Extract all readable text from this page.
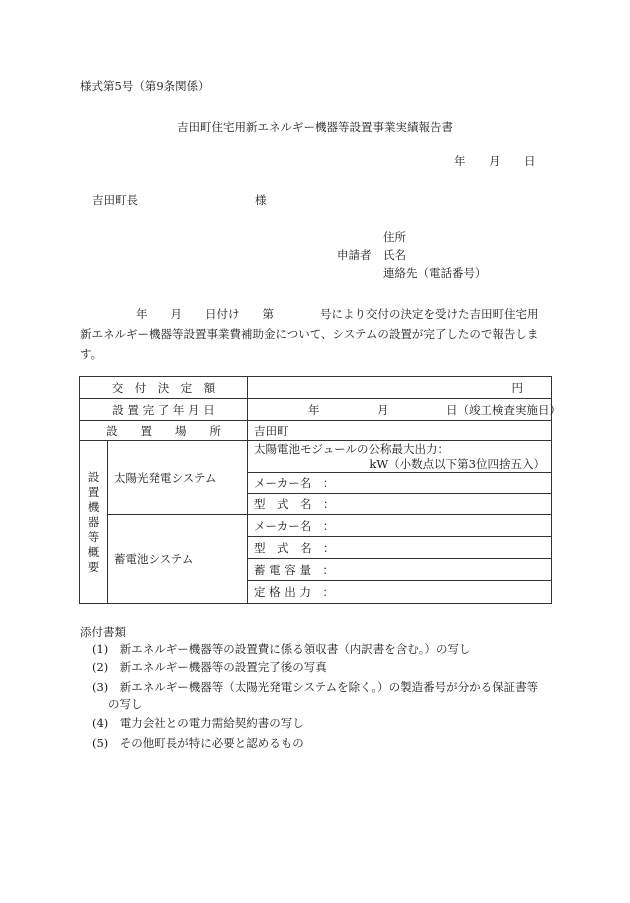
様式第5号（第9条関係）
吉田町住宅用新エネルギー機器等設置事業実績報告書
年 月 日
吉田町長	様
住所
申請者 氏名
連絡先（電話番号）
年　　月　　日付け　　第　　　　号により交付の決定を受けた吉田町住宅用
新エネルギー機器等設置事業費補助金について、システムの設置が完了したので報告しま
す。
交　付　決　定　額		円
設 置 完 了 年 月 日		年　　　　　月　　　　　日（竣工検査実施日）
設　　置　　場　　所		吉田町
設置機器等概要	太陽光発電システム	太陽電池モジュールの公称最大出力：
kW（小数点以下第3位四捨五入）

		メーカー名　：
		型　式　名　：
	蓄電池システム	メーカー名　：
		型　式　名　：
		蓄 電 容 量　：
		定 格 出 力　：
添付書類
(1)　新エネルギー機器等の設置費に係る領収書（内訳書を含む。）の写し
(2)　新エネルギー機器等の設置完了後の写真
(3)　新エネルギー機器等（太陽光発電システムを除く。）の製造番号が分かる保証書等
の写し
(4)　電力会社との電力需給契約書の写し
(5)　その他町長が特に必要と認めるもの
